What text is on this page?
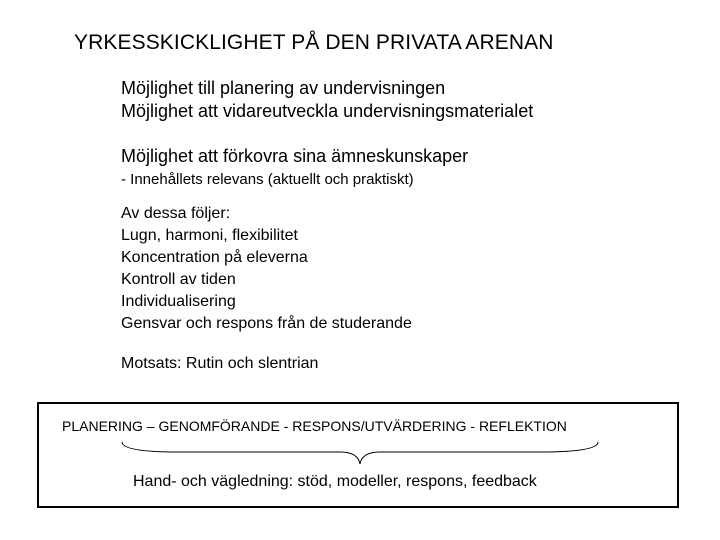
YRKESSKICKLIGHET PÅ DEN PRIVATA ARENAN
Möjlighet till planering av undervisningen
Möjlighet att vidareutveckla undervisningsmaterialet
Möjlighet att förkovra sina ämneskunskaper
- Innehållets relevans (aktuellt och praktiskt)
Av dessa följer:
Lugn, harmoni, flexibilitet
Koncentration på eleverna
Kontroll av tiden
Individualisering
Gensvar och respons från de studerande
Motsats: Rutin och slentrian
PLANERING – GENOMFÖRANDE - RESPONS/UTVÄRDERING - REFLEKTION
Hand- och vägledning: stöd, modeller, respons, feedback
